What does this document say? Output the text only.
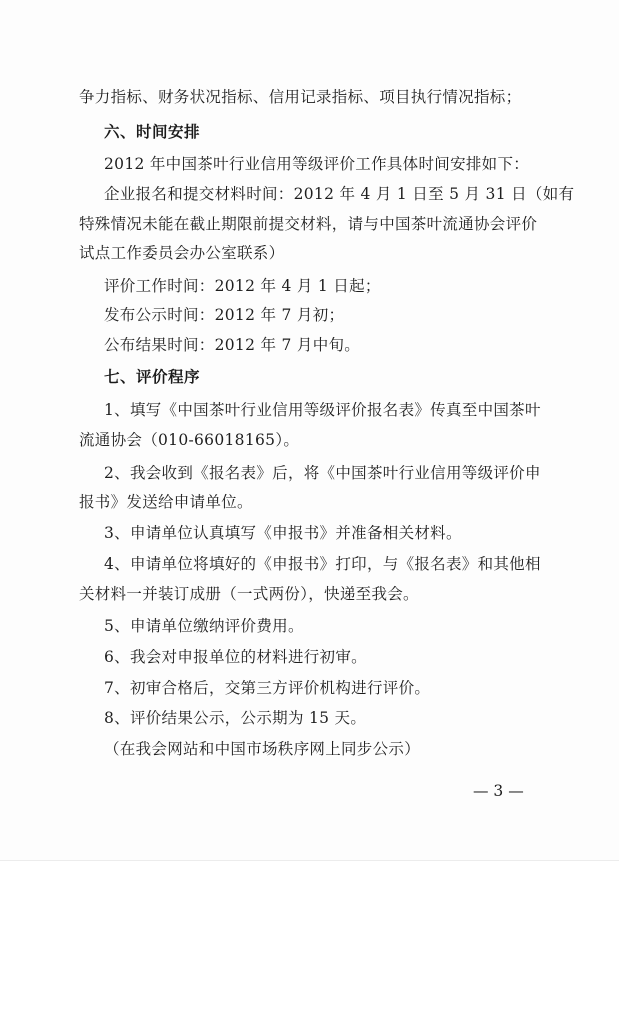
争力指标、财务状况指标、信用记录指标、项目执行情况指标；
六、时间安排
2012 年中国茶叶行业信用等级评价工作具体时间安排如下：
企业报名和提交材料时间：2012 年 4 月 1 日至 5 月 31 日（如有
特殊情况未能在截止期限前提交材料，请与中国茶叶流通协会评价
试点工作委员会办公室联系）
评价工作时间：2012 年 4 月 1 日起；
发布公示时间：2012 年 7 月初；
公布结果时间：2012 年 7 月中旬。
七、评价程序
1、填写《中国茶叶行业信用等级评价报名表》传真至中国茶叶
流通协会（010-66018165）。
2、我会收到《报名表》后，将《中国茶叶行业信用等级评价申
报书》发送给申请单位。
3、申请单位认真填写《申报书》并准备相关材料。
4、申请单位将填好的《申报书》打印，与《报名表》和其他相
关材料一并装订成册（一式两份），快递至我会。
5、申请单位缴纳评价费用。
6、我会对申报单位的材料进行初审。
7、初审合格后，交第三方评价机构进行评价。
8、评价结果公示，公示期为 15 天。
（在我会网站和中国市场秩序网上同步公示）
— 3 —
